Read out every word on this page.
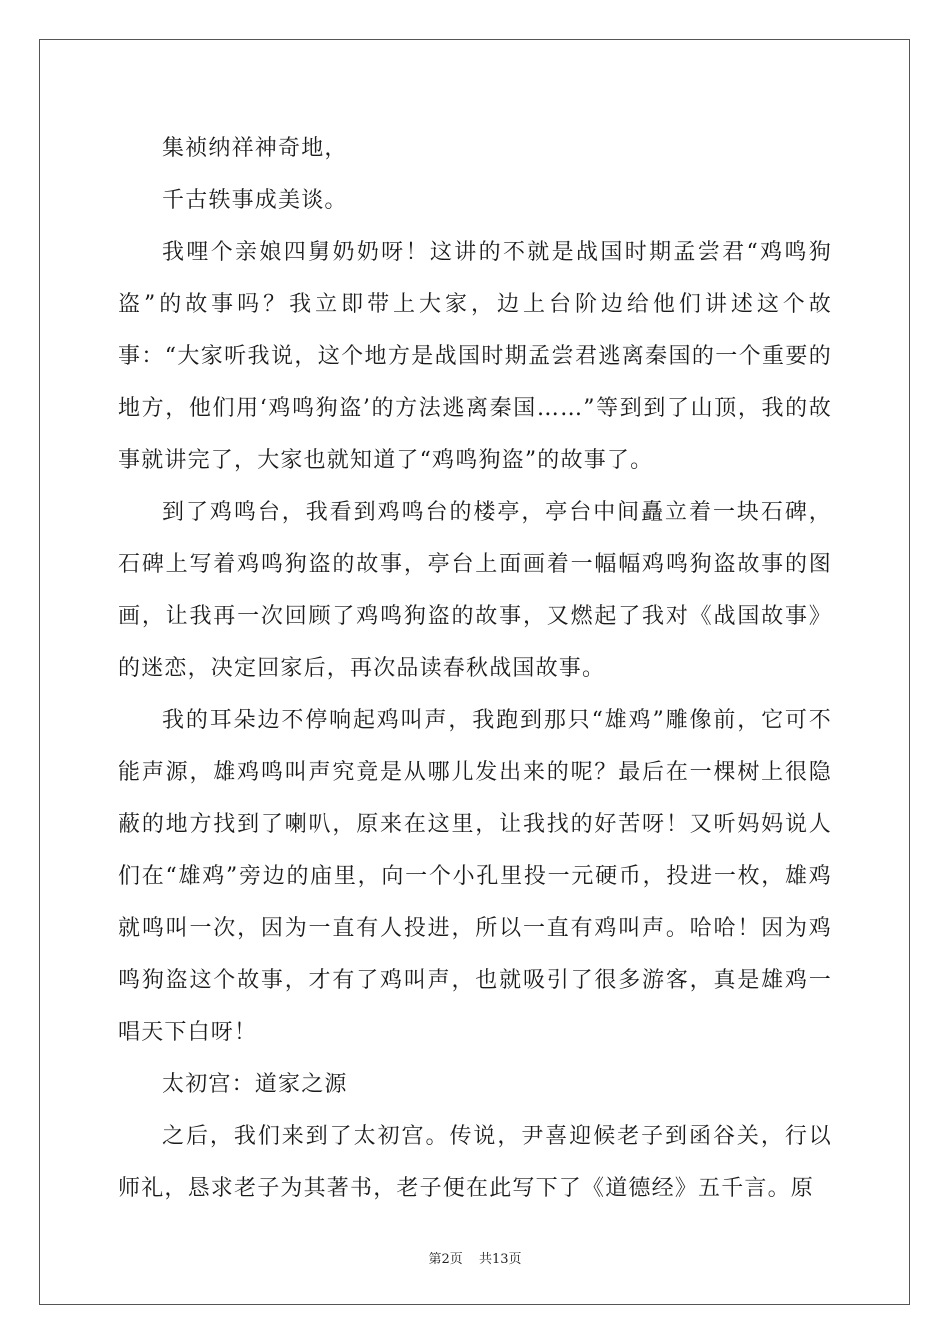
集祯纳祥神奇地，

千古轶事成美谈。

我哩个亲娘四舅奶奶呀！这讲的不就是战国时期孟尝君“鸡鸣狗盗”的故事吗？我立即带上大家，边上台阶边给他们讲述这个故事：“大家听我说，这个地方是战国时期孟尝君逃离秦国的一个重要的地方，他们用‘鸡鸣狗盗’的方法逃离秦国……”等到到了山顶，我的故事就讲完了，大家也就知道了“鸡鸣狗盗”的故事了。

到了鸡鸣台，我看到鸡鸣台的楼亭，亭台中间矗立着一块石碑，石碑上写着鸡鸣狗盗的故事，亭台上面画着一幅幅鸡鸣狗盗故事的图画，让我再一次回顾了鸡鸣狗盗的故事，又燃起了我对《战国故事》的迷恋，决定回家后，再次品读春秋战国故事。

我的耳朵边不停响起鸡叫声，我跑到那只“雄鸡”雕像前，它可不能声源，雄鸡鸣叫声究竟是从哪儿发出来的呢？最后在一棵树上很隐蔽的地方找到了喇叭，原来在这里，让我找的好苦呀！又听妈妈说人们在“雄鸡”旁边的庙里，向一个小孔里投一元硬币，投进一枚，雄鸡就鸣叫一次，因为一直有人投进，所以一直有鸡叫声。哈哈！因为鸡鸣狗盗这个故事，才有了鸡叫声，也就吸引了很多游客，真是雄鸡一唱天下白呀！

太初宫：道家之源

之后，我们来到了太初宫。传说，尹喜迎候老子到函谷关，行以师礼，恳求老子为其著书，老子便在此写下了《道德经》五千言。原

第2页 共13页
